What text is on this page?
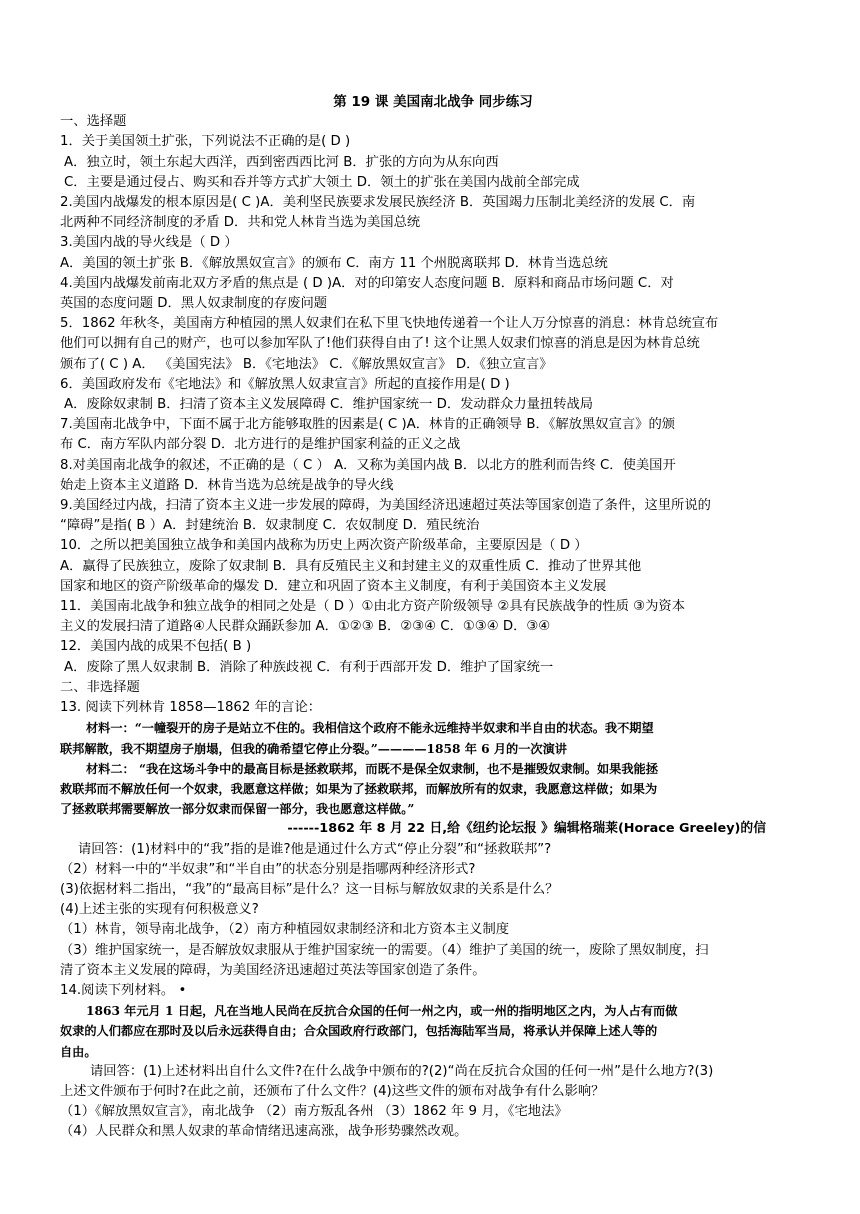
第 19 课 美国南北战争 同步练习
一、选择题
1．关于美国领土扩张，下列说法不正确的是( D )
A．独立时，领土东起大西洋，西到密西西比河 B．扩张的方向为从东向西
C．主要是通过侵占、购买和吞并等方式扩大领土 D．领土的扩张在美国内战前全部完成
2.美国内战爆发的根本原因是( C )A．美利坚民族要求发展民族经济 B．英国竭力压制北美经济的发展 C．南
北两种不同经济制度的矛盾 D．共和党人林肯当选为美国总统
3.美国内战的导火线是（ D ）
A．美国的领土扩张 B．《解放黑奴宣言》的颁布 C．南方 11 个州脱离联邦 D．林肯当选总统
4.美国内战爆发前南北双方矛盾的焦点是 ( D )A．对的印第安人态度问题 B．原料和商品市场问题 C．对
英国的态度问题 D．黑人奴隶制度的存废问题
5．1862 年秋冬，美国南方种植园的黑人奴隶们在私下里飞快地传递着一个让人万分惊喜的消息：林肯总统宣布
他们可以拥有自己的财产，也可以参加军队了!他们获得自由了! 这个让黑人奴隶们惊喜的消息是因为林肯总统
颁布了( C ) A． 《美国宪法》 B．《宅地法》 C．《解放黑奴宣言》 D．《独立宣言》
6．美国政府发布《宅地法》和《解放黑人奴隶宣言》所起的直接作用是( D )
A．废除奴隶制 B．扫清了资本主义发展障碍 C．维护国家统一 D．发动群众力量扭转战局
7.美国南北战争中，下面不属于北方能够取胜的因素是( C )A．林肯的正确领导 B．《解放黑奴宣言》的颁
布 C．南方军队内部分裂 D．北方进行的是维护国家利益的正义之战
8.对美国南北战争的叙述，不正确的是（ C ） A．又称为美国内战 B．以北方的胜利而告终 C．使美国开
始走上资本主义道路 D．林肯当选为总统是战争的导火线
9.美国经过内战，扫清了资本主义进一步发展的障碍，为美国经济迅速超过英法等国家创造了条件，这里所说的
“障碍”是指( B ）A．封建统治 B．奴隶制度 C．农奴制度 D．殖民统治
10．之所以把美国独立战争和美国内战称为历史上两次资产阶级革命，主要原因是（ D ）
A．赢得了民族独立，废除了奴隶制 B．具有反殖民主义和封建主义的双重性质 C．推动了世界其他
国家和地区的资产阶级革命的爆发 D．建立和巩固了资本主义制度，有利于美国资本主义发展
11．美国南北战争和独立战争的相同之处是（ D ）①由北方资产阶级领导 ②具有民族战争的性质 ③为资本
主义的发展扫清了道路④人民群众踊跃参加 A．①②③ B．②③④ C．①③④ D．③④
12．美国内战的成果不包括( B )
A．废除了黑人奴隶制 B．消除了种族歧视 C．有利于西部开发 D．维护了国家统一
二、非选择题
13. 阅读下列林肯 1858—1862 年的言论：
材料一：“一幢裂开的房子是站立不住的。我相信这个政府不能永远维持半奴隶和半自由的状态。我不期望
联邦解散，我不期望房子崩塌，但我的确希望它停止分裂。”————1858 年 6 月的一次演讲
材料二： “我在这场斗争中的最高目标是拯救联邦，而既不是保全奴隶制，也不是摧毁奴隶制。如果我能拯
救联邦而不解放任何一个奴隶，我愿意这样做；如果为了拯救联邦，而解放所有的奴隶，我愿意这样做；如果为
了拯救联邦需要解放一部分奴隶而保留一部分，我也愿意这样做。”
------1862 年 8 月 22 日,给《纽约论坛报 》编辑格瑞莱(Horace Greeley)的信
请回答：(1)材料中的“我”指的是谁?他是通过什么方式“停止分裂”和“拯救联邦”?
（2）材料一中的“半奴隶”和“半自由”的状态分别是指哪两种经济形式?
(3)依据材料二指出，“我”的“最高目标”是什么？这一目标与解放奴隶的关系是什么？
(4)上述主张的实现有何积极意义?
（1）林肯，领导南北战争，（2）南方种植园奴隶制经济和北方资本主义制度
（3）维护国家统一，是否解放奴隶服从于维护国家统一的需要。（4）维护了美国的统一，废除了黑奴制度，扫
清了资本主义发展的障碍，为美国经济迅速超过英法等国家创造了条件。
14.阅读下列材料。 •
1863 年元月 1 日起，凡在当地人民尚在反抗合众国的任何一州之内，或一州的指明地区之内，为人占有而做
奴隶的人们都应在那时及以后永远获得自由；合众国政府行政部门，包括海陆军当局，将承认并保障上述人等的
自由。
请回答：(1)上述材料出自什么文件?在什么战争中颁布的?(2)“尚在反抗合众国的任何一州”是什么地方?(3)
上述文件颁布于何时?在此之前，还颁布了什么文件？(4)这些文件的颁布对战争有什么影响？
（1）《解放黑奴宣言》，南北战争 （2）南方叛乱各州 （3）1862 年 9 月，《宅地法》
（4）人民群众和黑人奴隶的革命情绪迅速高涨，战争形势骤然改观。
